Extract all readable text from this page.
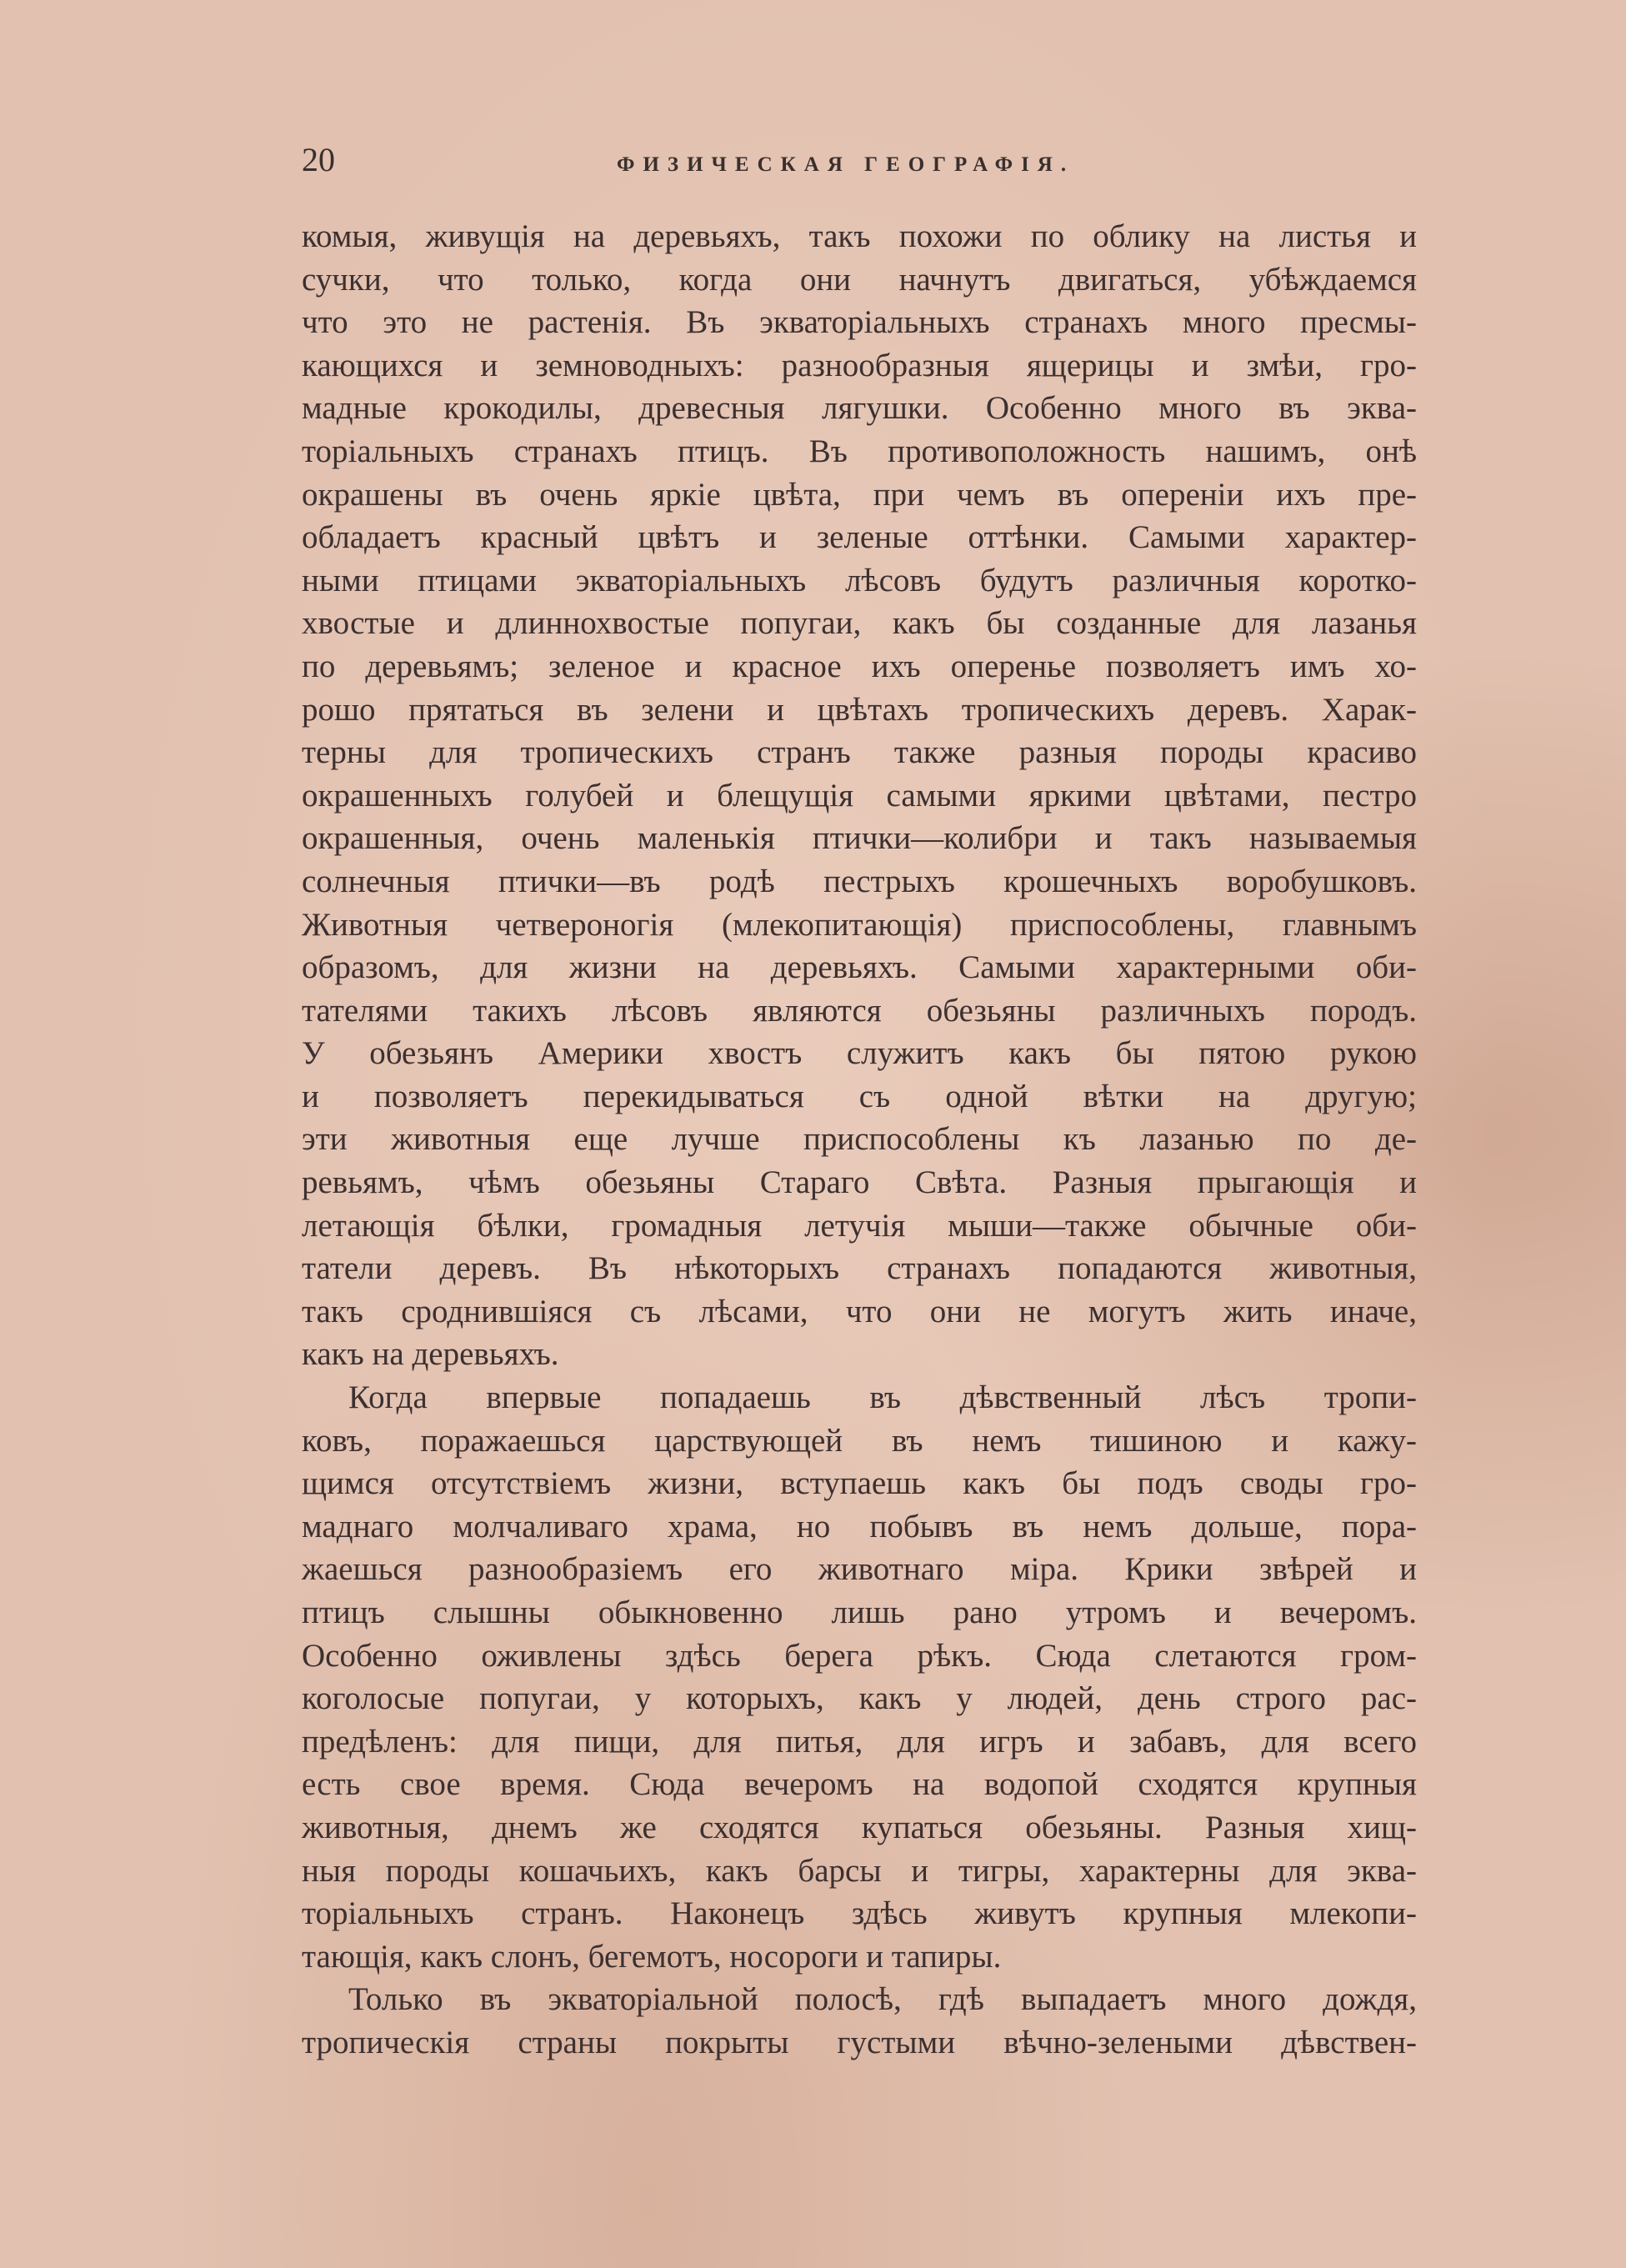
20	ФИЗИЧЕСКАЯ ГЕОГРАФІЯ.
комыя, живущія на деревьяхъ, такъ похожи по облику на листья и
сучки, что только, когда они начнутъ двигаться, убѣждаемся
что это не растенія. Въ экваторіальныхъ странахъ много пресмы-
кающихся и земноводныхъ: разнообразныя ящерицы и змѣи, гро-
мадные крокодилы, древесныя лягушки. Особенно много въ эква-
торіальныхъ странахъ птицъ. Въ противоположность нашимъ, онѣ
окрашены въ очень яркіе цвѣта, при чемъ въ опереніи ихъ пре-
обладаетъ красный цвѣтъ и зеленые оттѣнки. Самыми характер-
ными птицами экваторіальныхъ лѣсовъ будутъ различныя коротко-
хвостые и длиннохвостые попугаи, какъ бы созданные для лазанья
по деревьямъ; зеленое и красное ихъ оперенье позволяетъ имъ хо-
рошо прятаться въ зелени и цвѣтахъ тропическихъ деревъ. Харак-
терны для тропическихъ странъ также разныя породы красиво
окрашенныхъ голубей и блещущія самыми яркими цвѣтами, пестро
окрашенныя, очень маленькія птички—колибри и такъ называемыя
солнечныя птички—въ родѣ пестрыхъ крошечныхъ воробушковъ.
Животныя четвероногія (млекопитающія) приспособлены, главнымъ
образомъ, для жизни на деревьяхъ. Самыми характерными оби-
тателями такихъ лѣсовъ являются обезьяны различныхъ породъ.
У обезьянъ Америки хвостъ служитъ какъ бы пятою рукою
и позволяетъ перекидываться съ одной вѣтки на другую;
эти животныя еще лучше приспособлены къ лазанью по де-
ревьямъ, чѣмъ обезьяны Стараго Свѣта. Разныя прыгающія и
летающія бѣлки, громадныя летучія мыши—также обычные оби-
татели деревъ. Въ нѣкоторыхъ странахъ попадаются животныя,
такъ сроднившіяся съ лѣсами, что они не могутъ жить иначе,
какъ на деревьяхъ.
Когда впервые попадаешь въ дѣвственный лѣсъ тропи-
ковъ, поражаешься царствующей въ немъ тишиною и кажу-
щимся отсутствіемъ жизни, вступаешь какъ бы подъ своды гро-
маднаго молчаливаго храма, но побывъ въ немъ дольше, пора-
жаешься разнообразіемъ его животнаго міра. Крики звѣрей и
птицъ слышны обыкновенно лишь рано утромъ и вечеромъ.
Особенно оживлены здѣсь берега рѣкъ. Сюда слетаются гром-
коголосые попугаи, у которыхъ, какъ у людей, день строго рас-
предѣленъ: для пищи, для питья, для игръ и забавъ, для всего
есть свое время. Сюда вечеромъ на водопой сходятся крупныя
животныя, днемъ же сходятся купаться обезьяны. Разныя хищ-
ныя породы кошачьихъ, какъ барсы и тигры, характерны для эква-
торіальныхъ странъ. Наконецъ здѣсь живутъ крупныя млекопи-
тающія, какъ слонъ, бегемотъ, носороги и тапиры.
Только въ экваторіальной полосѣ, гдѣ выпадаетъ много дождя,
тропическія страны покрыты густыми вѣчно-зелеными дѣвствен-
